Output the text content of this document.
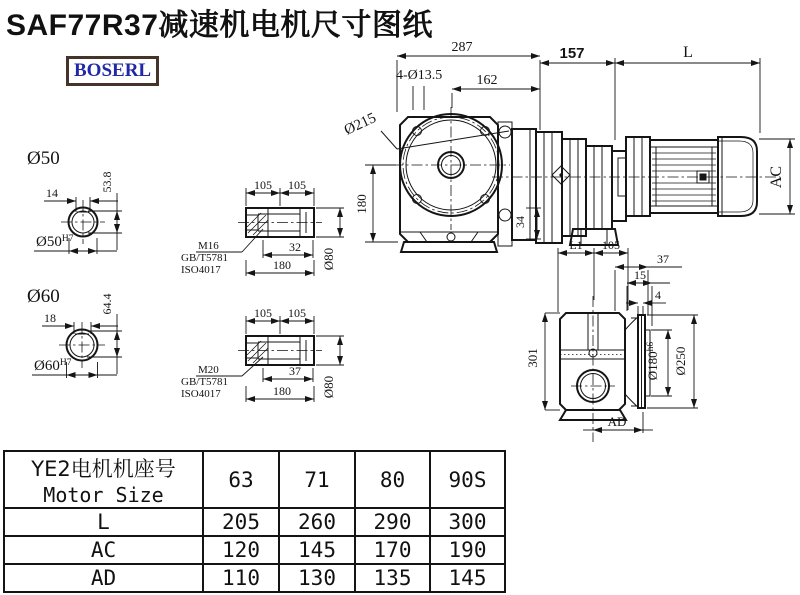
Ø50
14
53.8
$Ø50^{H7}$
Ø60
18
64.4
$Ø60^{H7}$
105 105
32
180 Ø80
M16
GB/T5781
ISO4017
105 105
37
180 Ø80
M20
GB/T5781
ISO4017
Ø215
4-Ø13.5
287
162
180
34
157	L
AC
L1 105
37
15
4
301	$Ø180^{h6}$	Ø250
AD
SAF77R37减速机电机尺寸图纸
BOSERL
YE2电机机座号
Motor Size	63	71	80	90S
L	205	260	290	300
AC	120	145	170	190
AD	110	130	135	145
